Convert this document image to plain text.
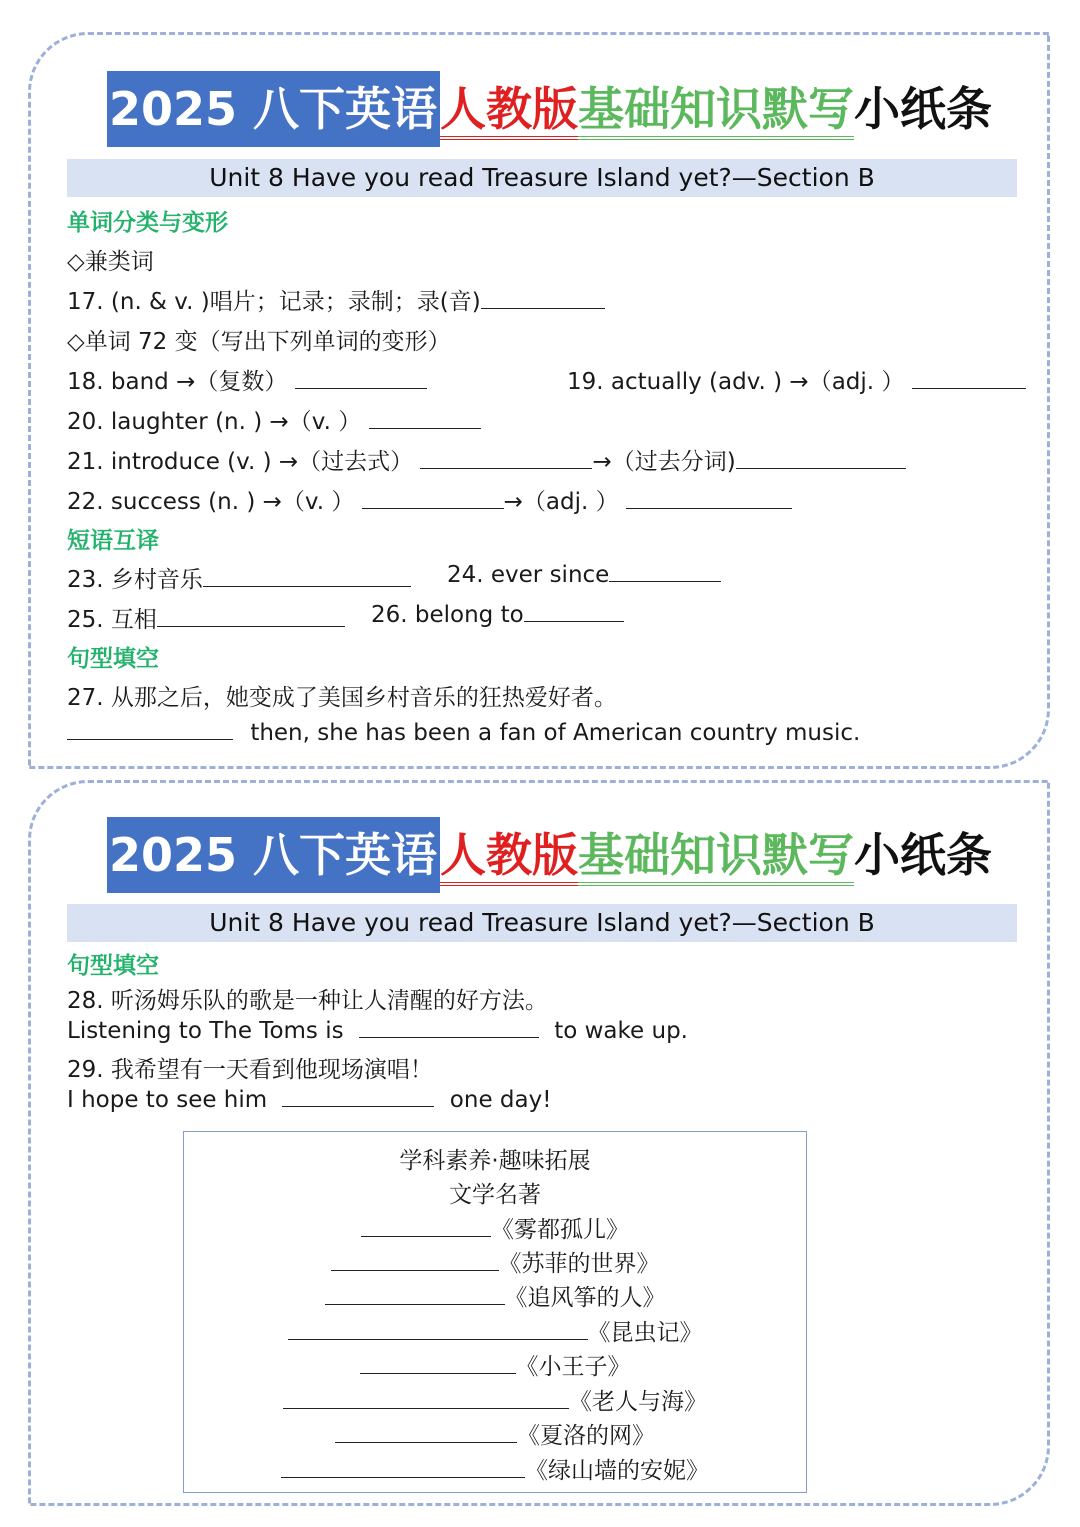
2025 八下英语人教版基础知识默写小纸条
Unit 8 Have you read Treasure Island yet?—Section B
单词分类与变形
◇兼类词
17. (n. & v. )唱片；记录；录制；录(音)
◇单词 72 变（写出下列单词的变形）
18. band →（复数）	19. actually (adv. ) →（adj. ）
20. laughter (n. ) →（v. ）
21. introduce (v. ) →（过去式）	→（过去分词)
22. success (n. ) →（v. ）	→（adj. ）
短语互译
23. 乡村音乐	24. ever since
25. 互相	26. belong to
句型填空
27. 从那之后，她变成了美国乡村音乐的狂热爱好者。
then, she has been a fan of American country music.
2025 八下英语人教版基础知识默写小纸条
Unit 8 Have you read Treasure Island yet?—Section B
句型填空
28. 听汤姆乐队的歌是一种让人清醒的好方法。
Listening to The Toms is	to wake up.
29. 我希望有一天看到他现场演唱！
I hope to see him	one day!
学科素养·趣味拓展
文学名著
《雾都孤儿》
《苏菲的世界》
《追风筝的人》
《昆虫记》
《小王子》
《老人与海》
《夏洛的网》
《绿山墙的安妮》
